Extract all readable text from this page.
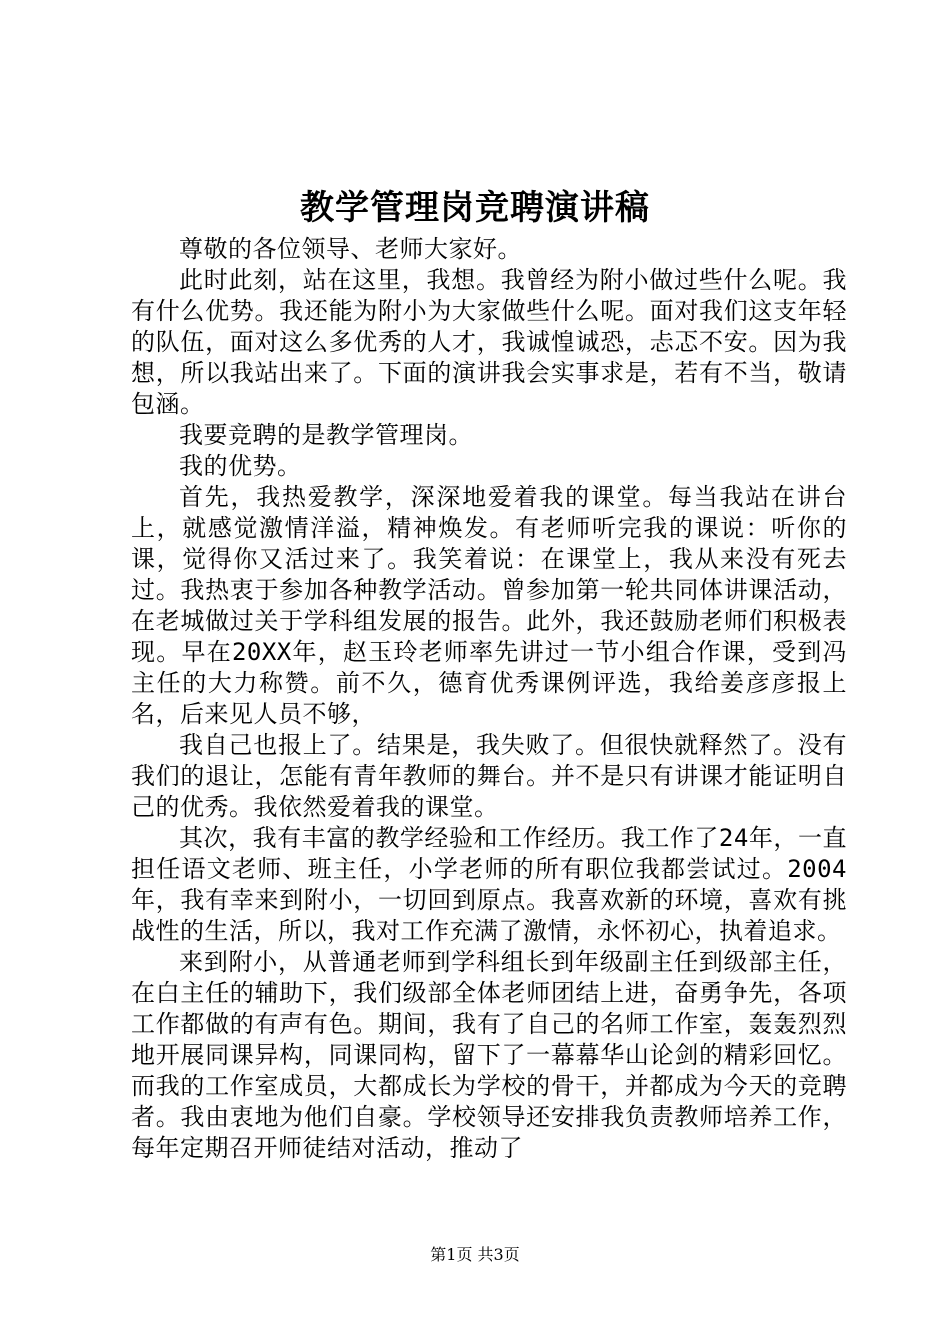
教学管理岗竞聘演讲稿

尊敬的各位领导、老师大家好。

此时此刻，站在这里，我想。我曾经为附小做过些什么呢。我有什么优势。我还能为附小为大家做些什么呢。面对我们这支年轻的队伍，面对这么多优秀的人才，我诚惶诚恐，忐忑不安。因为我想，所以我站出来了。下面的演讲我会实事求是，若有不当，敬请包涵。

我要竞聘的是教学管理岗。

我的优势。

首先，我热爱教学，深深地爱着我的课堂。每当我站在讲台上，就感觉激情洋溢，精神焕发。有老师听完我的课说：听你的课，觉得你又活过来了。我笑着说：在课堂上，我从来没有死去过。我热衷于参加各种教学活动。曾参加第一轮共同体讲课活动，在老城做过关于学科组发展的报告。此外，我还鼓励老师们积极表现。早在20XX年，赵玉玲老师率先讲过一节小组合作课，受到冯主任的大力称赞。前不久，德育优秀课例评选，我给姜彦彦报上名，后来见人员不够，

我自己也报上了。结果是，我失败了。但很快就释然了。没有我们的退让，怎能有青年教师的舞台。并不是只有讲课才能证明自己的优秀。我依然爱着我的课堂。

其次，我有丰富的教学经验和工作经历。我工作了24年，一直担任语文老师、班主任，小学老师的所有职位我都尝试过。2004年，我有幸来到附小，一切回到原点。我喜欢新的环境，喜欢有挑战性的生活，所以，我对工作充满了激情，永怀初心，执着追求。

来到附小，从普通老师到学科组长到年级副主任到级部主任，在白主任的辅助下，我们级部全体老师团结上进，奋勇争先，各项工作都做的有声有色。期间，我有了自己的名师工作室，轰轰烈烈地开展同课异构，同课同构，留下了一幕幕华山论剑的精彩回忆。而我的工作室成员，大都成长为学校的骨干，并都成为今天的竞聘者。我由衷地为他们自豪。学校领导还安排我负责教师培养工作，每年定期召开师徒结对活动，推动了

第1页 共3页
